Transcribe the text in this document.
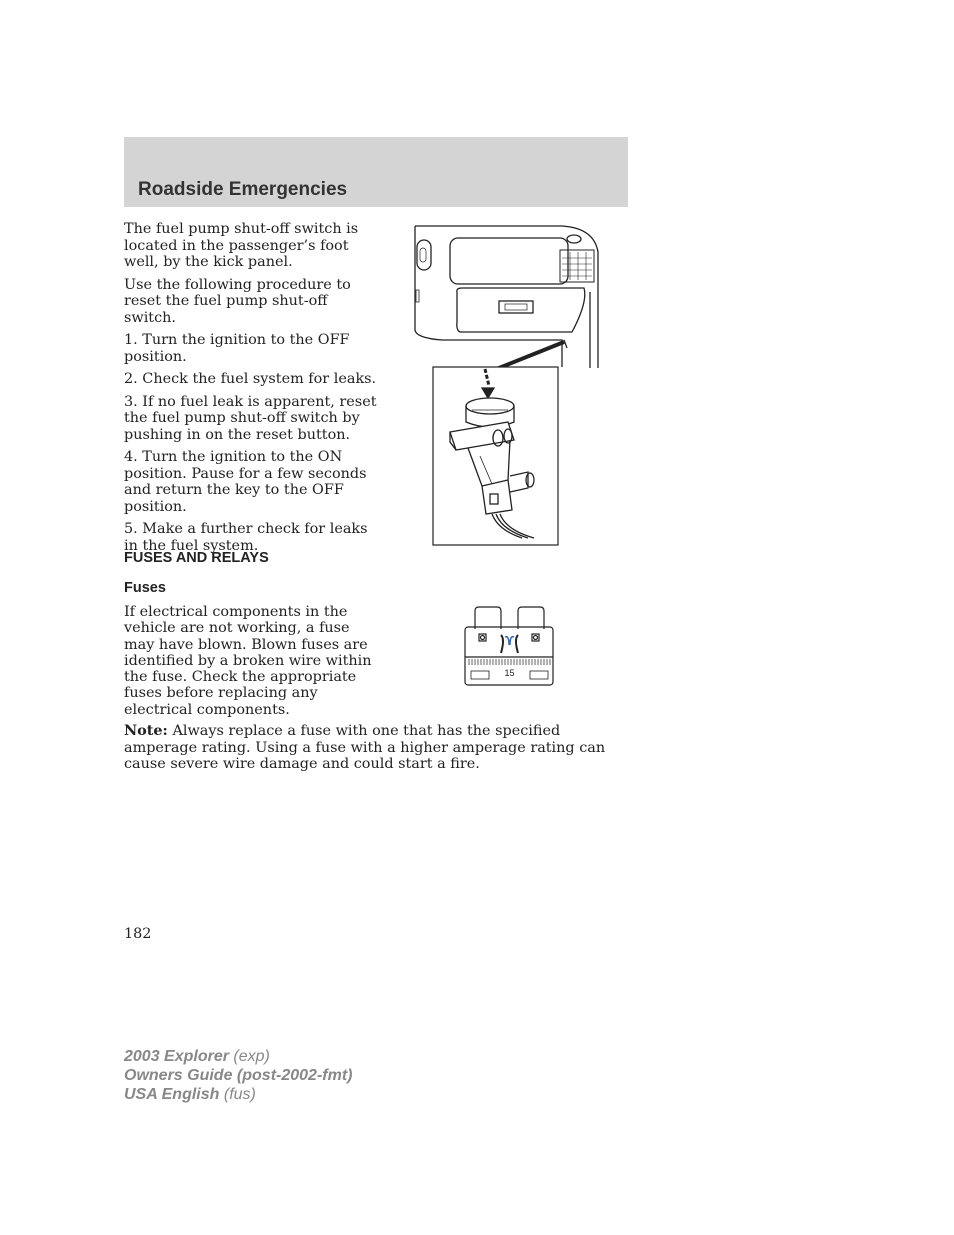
Roadside Emergencies

The fuel pump shut-off switch is located in the passenger’s foot well, by the kick panel.

Use the following procedure to reset the fuel pump shut-off switch.

1. Turn the ignition to the OFF position.

2. Check the fuel system for leaks.

3. If no fuel leak is apparent, reset the fuel pump shut-off switch by pushing in on the reset button.

4. Turn the ignition to the ON position. Pause for a few seconds and return the key to the OFF position.

5. Make a further check for leaks in the fuel system.

FUSES AND RELAYS
Fuses
If electrical components in the vehicle are not working, a fuse may have blown. Blown fuses are identified by a broken wire within the fuse. Check the appropriate fuses before replacing any electrical components.
15
Note: Always replace a fuse with one that has the specified amperage rating. Using a fuse with a higher amperage rating can cause severe wire damage and could start a fire.
182
2003 Explorer (exp)
Owners Guide (post-2002-fmt)
USA English (fus)
